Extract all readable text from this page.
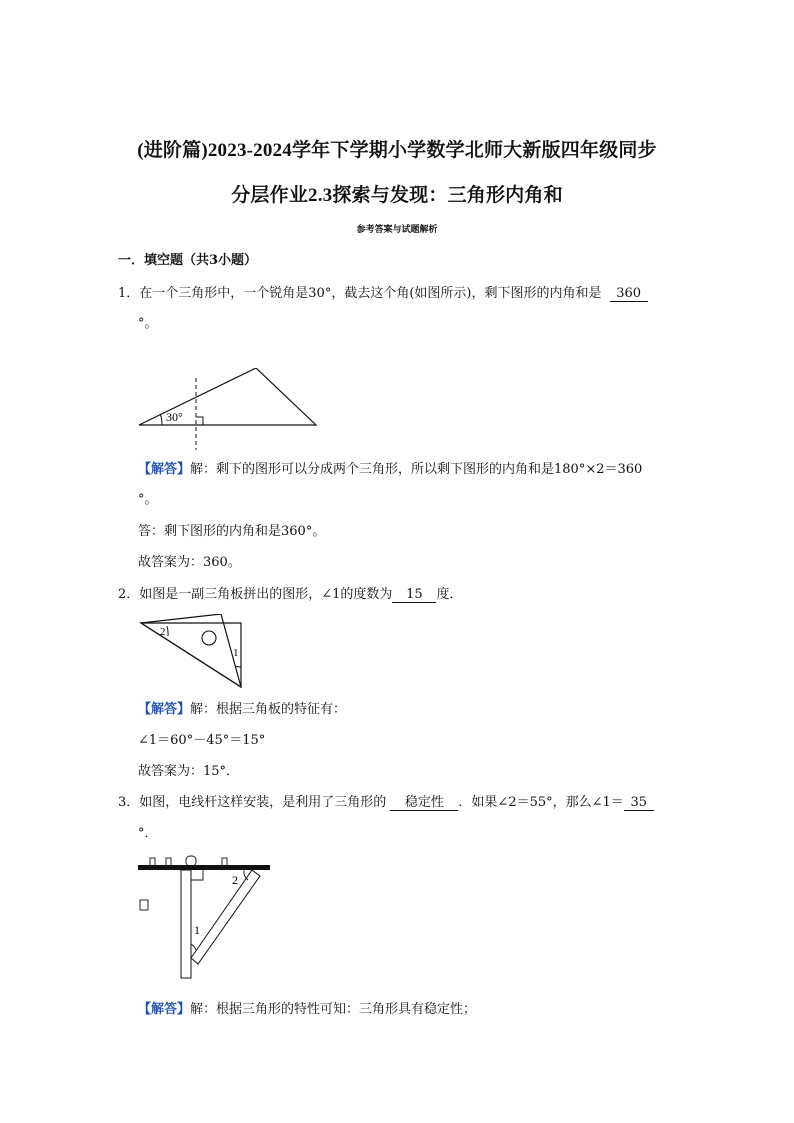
(进阶篇)2023-2024学年下学期小学数学北师大新版四年级同步
分层作业2.3探索与发现：三角形内角和
参考答案与试题解析
一．填空题（共3小题）
1．在一个三角形中，一个锐角是30°，截去这个角(如图所示)，剩下图形的内角和是 360
°。
30°
【解答】解：剩下的图形可以分成两个三角形，所以剩下图形的内角和是180°×2＝360
°。
答：剩下图形的内角和是360°。
故答案为：360。
2．如图是一副三角板拼出的图形，∠1的度数为 15 度．
2
1
【解答】解：根据三角板的特征有：
∠1＝60°－45°＝15°
故答案为：15°．
3．如图，电线杆这样安装，是利用了三角形的 稳定性 ．如果∠2＝55°，那么∠1＝ 35
°．
2
1
【解答】解：根据三角形的特性可知：三角形具有稳定性；
